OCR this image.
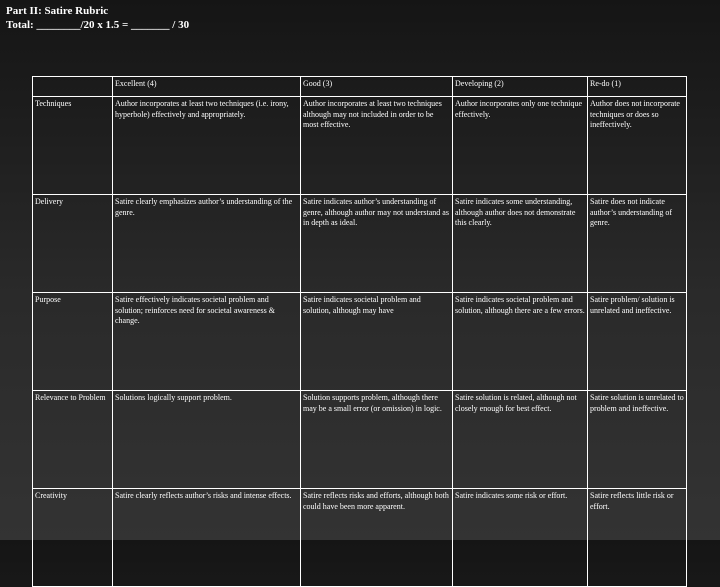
Part II: Satire Rubric
Total: ________/20 x 1.5 = _______ / 30
	Excellent (4)	Good (3)	Developing (2)	Re-do (1)
Techniques	Author incorporates at least two techniques (i.e. irony, hyperbole) effectively and appropriately.	Author incorporates at least two techniques although may not included in order to be most effective.	Author incorporates only one technique effectively.	Author does not incorporate techniques or does so ineffectively.
Delivery	Satire clearly emphasizes author’s understanding of the genre.	Satire indicates author’s understanding of genre, although author may not understand as in depth as ideal.	Satire indicates some understanding, although author does not demonstrate this clearly.	Satire does not indicate author’s understanding of genre.
Purpose	Satire effectively indicates societal problem and solution; reinforces need for societal awareness & change.	Satire indicates societal problem and solution, although may have	Satire indicates societal problem and solution, although there are a few errors.	Satire problem/ solution is unrelated and ineffective.
Relevance to Problem	Solutions logically support problem.	Solution supports problem, although there may be a small error (or omission) in logic.	Satire solution is related, although not closely enough for best effect.	Satire solution is unrelated to problem and ineffective.
Creativity	Satire clearly reflects author’s risks and intense effects.	Satire reflects risks and efforts, although both could have been more apparent.	Satire indicates some risk or effort.	Satire reflects little risk or effort.
